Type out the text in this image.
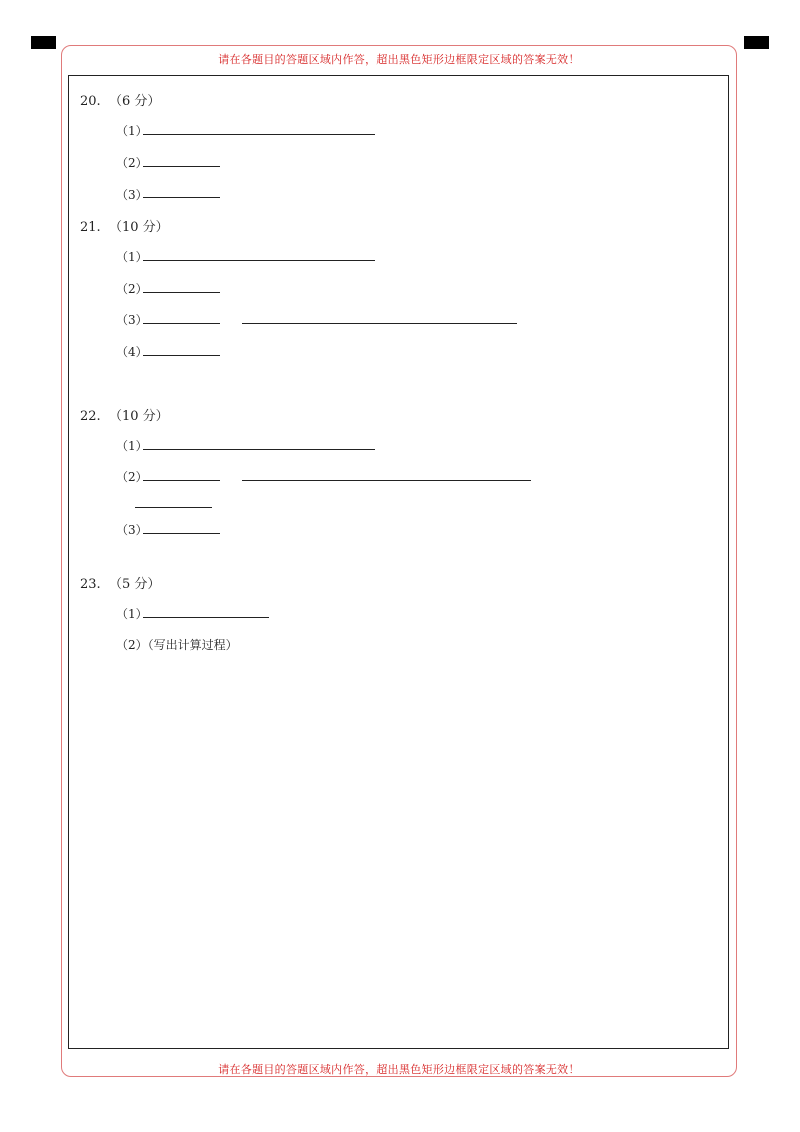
请在各题目的答题区域内作答，超出黑色矩形边框限定区域的答案无效！
请在各题目的答题区域内作答，超出黑色矩形边框限定区域的答案无效！
20. （6 分）
（1）
（2）
（3）
21. （10 分）
（1）
（2）
（3）
（4）
22. （10 分）
（1）
（2）
（3）
23. （5 分）
（1）
（2）（写出计算过程）
